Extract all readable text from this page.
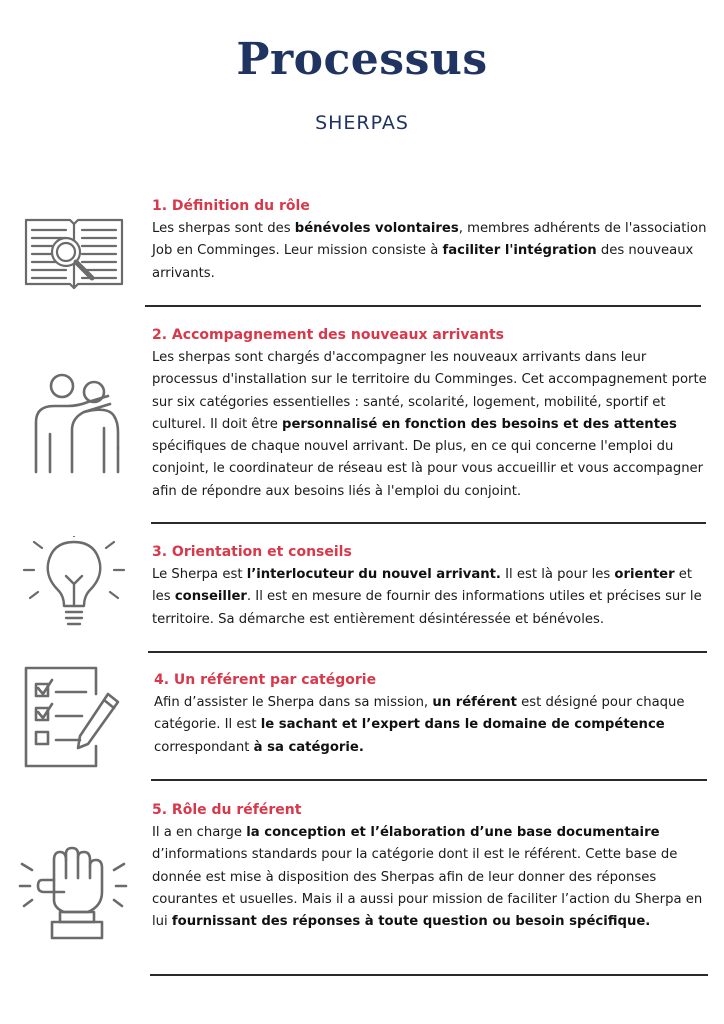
Processus
SHERPAS
1. Définition du rôle
Les sherpas sont des bénévoles volontaires, membres adhérents de l'association Job en Comminges. Leur mission consiste à faciliter l'intégration des nouveaux arrivants.
2. Accompagnement des nouveaux arrivants
Les sherpas sont chargés d'accompagner les nouveaux arrivants dans leur processus d'installation sur le territoire du Comminges. Cet accompagnement porte sur six catégories essentielles : santé, scolarité, logement, mobilité, sportif et culturel. Il doit être personnalisé en fonction des besoins et des attentes spécifiques de chaque nouvel arrivant. De plus, en ce qui concerne l'emploi du conjoint, le coordinateur de réseau est là pour vous accueillir et vous accompagner afin de répondre aux besoins liés à l'emploi du conjoint.
3. Orientation et conseils
Le Sherpa est l’interlocuteur du nouvel arrivant. Il est là pour les orienter et les conseiller. Il est en mesure de fournir des informations utiles et précises sur le territoire. Sa démarche est entièrement désintéressée et bénévoles.
4. Un référent par catégorie
Afin d’assister le Sherpa dans sa mission, un référent est désigné pour chaque catégorie. Il est le sachant et l’expert dans le domaine de compétence correspondant à sa catégorie.
5. Rôle du référent
Il a en charge la conception et l’élaboration d’une base documentaire d’informations standards pour la catégorie dont il est le référent. Cette base de donnée est mise à disposition des Sherpas afin de leur donner des réponses courantes et usuelles. Mais il a aussi pour mission de faciliter l’action du Sherpa en lui fournissant des réponses à toute question ou besoin spécifique.
